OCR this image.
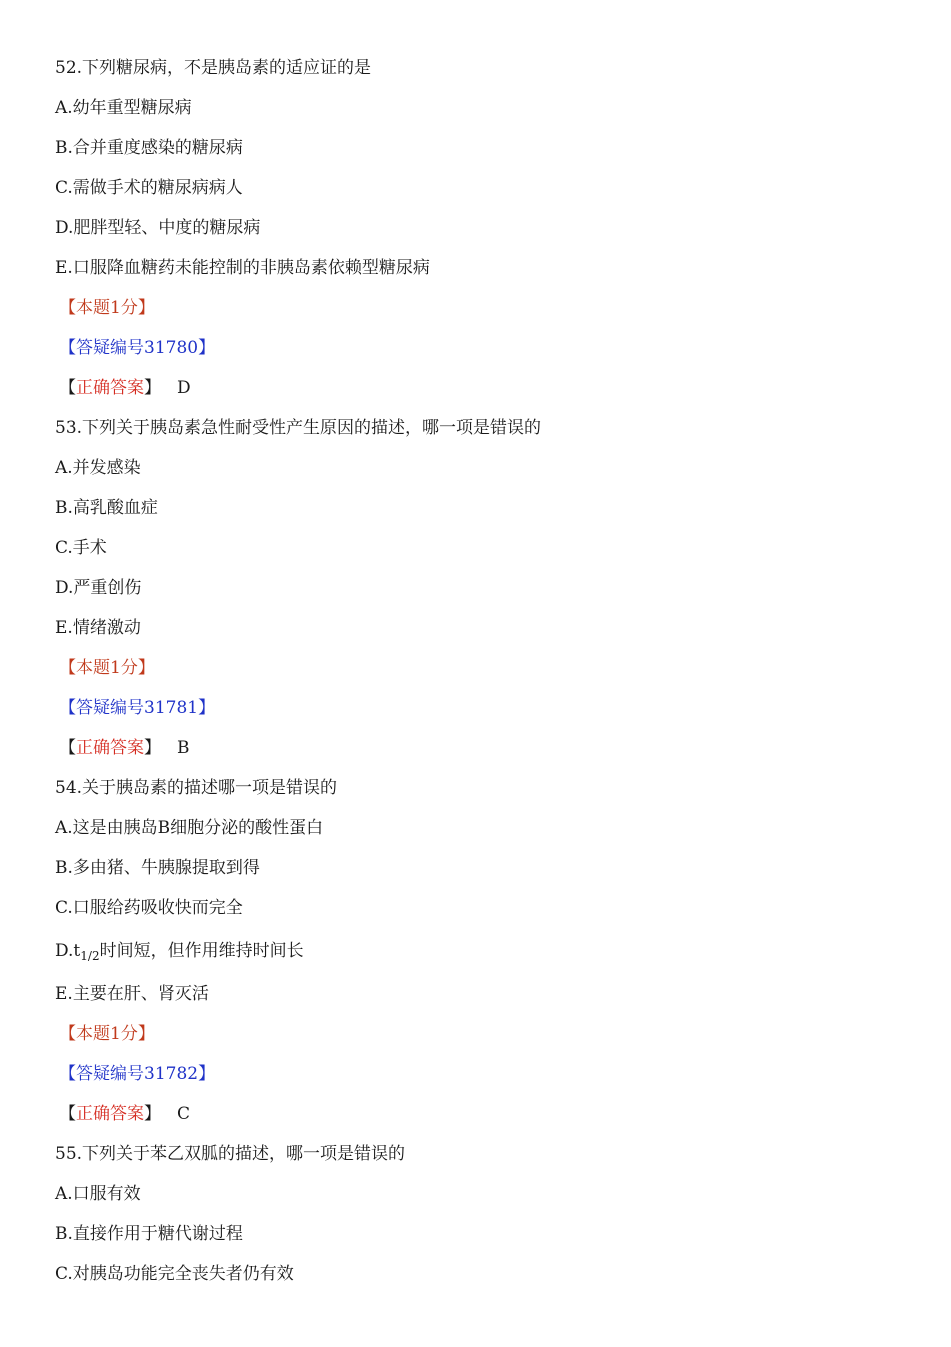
52.下列糖尿病，不是胰岛素的适应证的是
A.幼年重型糖尿病
B.合并重度感染的糖尿病
C.需做手术的糖尿病病人
D.肥胖型轻、中度的糖尿病
E.口服降血糖药未能控制的非胰岛素依赖型糖尿病
【本题1分】
【答疑编号31780】
【正确答案】 D
53.下列关于胰岛素急性耐受性产生原因的描述，哪一项是错误的
A.并发感染
B.高乳酸血症
C.手术
D.严重创伤
E.情绪激动
【本题1分】
【答疑编号31781】
【正确答案】 B
54.关于胰岛素的描述哪一项是错误的
A.这是由胰岛B细胞分泌的酸性蛋白
B.多由猪、牛胰腺提取到得
C.口服给药吸收快而完全
$D.t_{1/2}$时间短，但作用维持时间长
E.主要在肝、肾灭活
【本题1分】
【答疑编号31782】
【正确答案】 C
55.下列关于苯乙双胍的描述，哪一项是错误的
A.口服有效
B.直接作用于糖代谢过程
C.对胰岛功能完全丧失者仍有效
